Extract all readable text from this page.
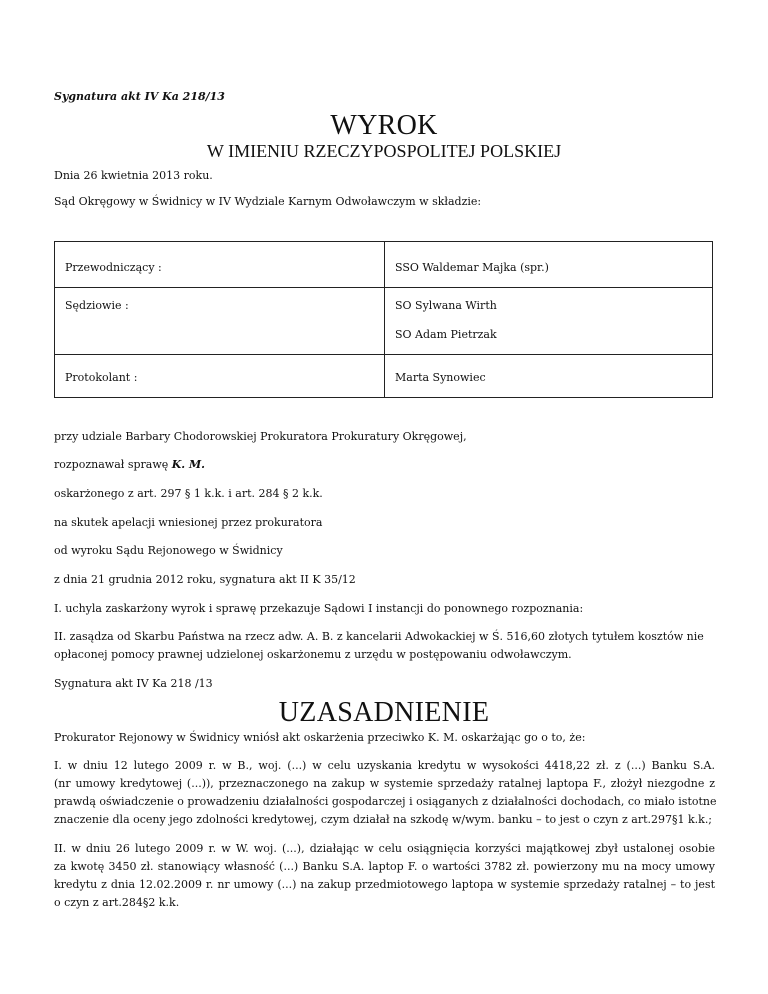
Sygnatura akt IV Ka 218/13
WYROK
W IMIENIU RZECZYPOSPOLITEJ POLSKIEJ
Dnia 26 kwietnia 2013 roku.
Sąd Okręgowy w Świdnicy w IV Wydziale Karnym Odwoławczym w składzie:
Przewodniczący :	SSO Waldemar Majka (spr.)
Sędziowie :	SO Sylwana Wirth
SO Adam Pietrzak
Protokolant :	Marta Synowiec
przy udziale Barbary Chodorowskiej Prokuratora Prokuratury Okręgowej,
rozpoznawał sprawę K. M.
oskarżonego z art. 297 § 1 k.k. i art. 284 § 2 k.k.
na skutek apelacji wniesionej przez prokuratora
od wyroku Sądu Rejonowego w Świdnicy
z dnia 21 grudnia 2012 roku, sygnatura akt II K 35/12
I. uchyla zaskarżony wyrok i sprawę przekazuje Sądowi I instancji do ponownego rozpoznania:
II. zasądza od Skarbu Państwa na rzecz adw. A. B. z kancelarii Adwokackiej w Ś. 516,60 złotych tytułem kosztów nie
opłaconej pomocy prawnej udzielonej oskarżonemu z urzędu w postępowaniu odwoławczym.
Sygnatura akt IV Ka 218 /13
UZASADNIENIE
Prokurator Rejonowy w Świdnicy wniósł akt oskarżenia przeciwko K. M. oskarżając go o to, że:
I. w dniu 12 lutego 2009 r. w B., woj. (...) w celu uzyskania kredytu w wysokości 4418,22 zł. z (...) Banku S.A.
(nr umowy kredytowej (...)), przeznaczonego na zakup w systemie sprzedaży ratalnej laptopa F., złożył niezgodne z
prawdą oświadczenie o prowadzeniu działalności gospodarczej i osiąganych z działalności dochodach, co miało istotne
znaczenie dla oceny jego zdolności kredytowej, czym działał na szkodę w/wym. banku – to jest o czyn z art.297§1 k.k.;
II. w dniu 26 lutego 2009 r. w W. woj. (...), działając w celu osiągnięcia korzyści majątkowej zbył ustalonej osobie
za kwotę 3450 zł. stanowiący własność (...) Banku S.A. laptop F. o wartości 3782 zł. powierzony mu na mocy umowy
kredytu z dnia 12.02.2009 r. nr umowy (...) na zakup przedmiotowego laptopa w systemie sprzedaży ratalnej – to jest
o czyn z art.284§2 k.k.
